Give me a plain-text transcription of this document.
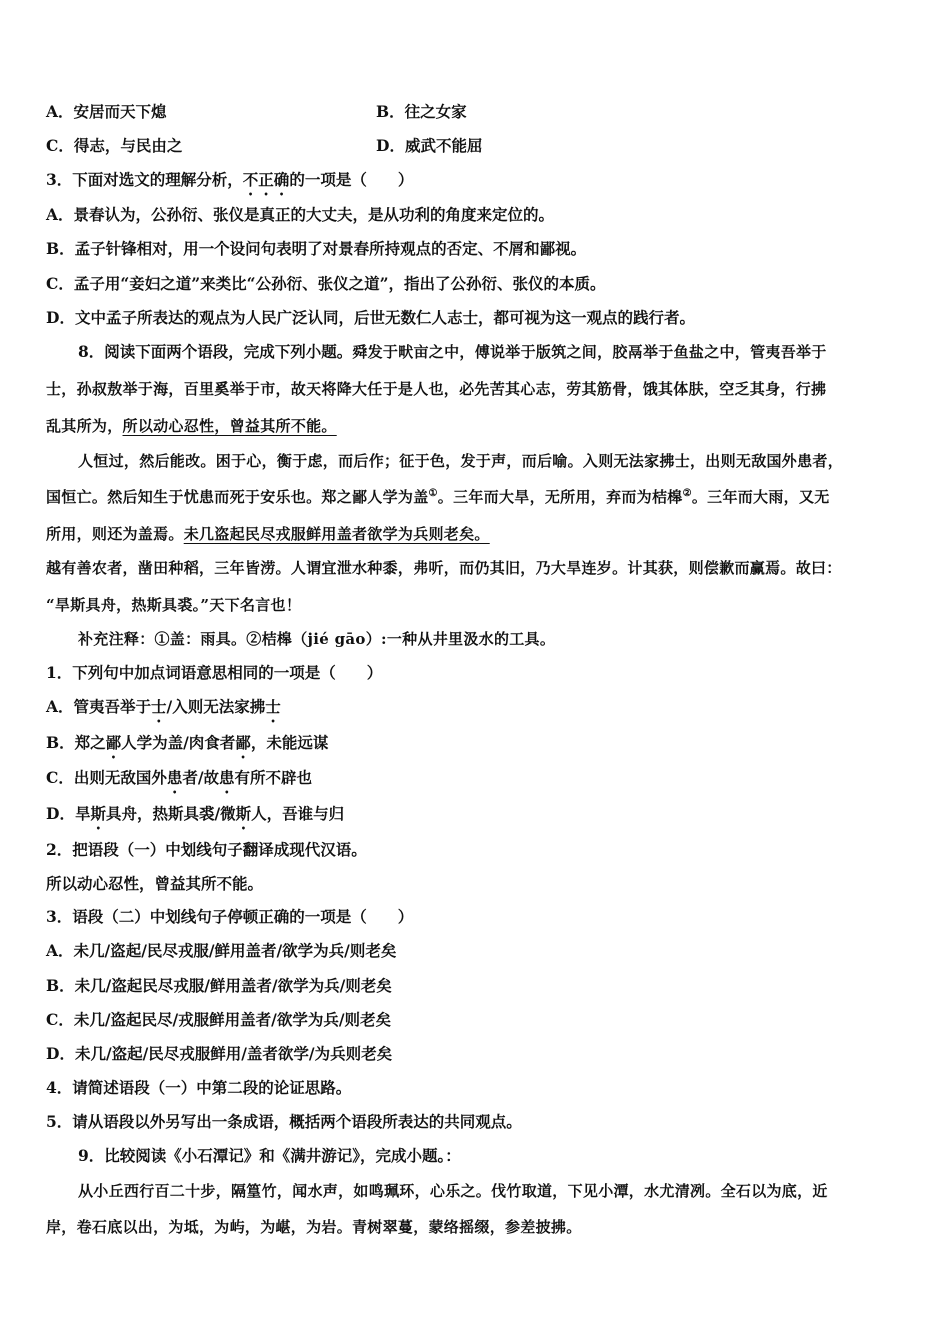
A．安居而天下熄	B．往之女家
C．得志，与民由之	D．威武不能屈
3．下面对选文的理解分析，不正确的一项是（　　）
A．景春认为，公孙衍、张仪是真正的大丈夫，是从功利的角度来定位的。
B．孟子针锋相对，用一个设问句表明了对景春所持观点的否定、不屑和鄙视。
C．孟子用“妾妇之道”来类比“公孙衍、张仪之道”，指出了公孙衍、张仪的本质。
D．文中孟子所表达的观点为人民广泛认同，后世无数仁人志士，都可视为这一观点的践行者。
8．阅读下面两个语段，完成下列小题。舜发于畎亩之中，傅说举于版筑之间，胶鬲举于鱼盐之中，管夷吾举于
士，孙叔敖举于海，百里奚举于市，故天将降大任于是人也，必先苦其心志，劳其筋骨，饿其体肤，空乏其身，行拂
乱其所为，所以动心忍性，曾益其所不能。
人恒过，然后能改。困于心，衡于虑，而后作；征于色，发于声，而后喻。入则无法家拂士，出则无敌国外患者，
国恒亡。然后知生于忧患而死于安乐也。郑之鄙人学为盖①。三年而大旱，无所用，弃而为桔槔②。三年而大雨，又无
所用，则还为盖焉。未几盗起民尽戎服鲜用盖者欲学为兵则老矣。
越有善农者，凿田种稻，三年皆涝。人谓宜泄水种黍，弗听，而仍其旧，乃大旱连岁。计其获，则偿歉而赢焉。故曰：
“旱斯具舟，热斯具裘。”天下名言也！
补充注释：①盖：雨具。②桔槔（jié gāo）:一种从井里汲水的工具。
1．下列句中加点词语意思相同的一项是（　　）
A．管夷吾举于士/入则无法家拂士
B．郑之鄙人学为盖/肉食者鄙，未能远谋
C．出则无敌国外患者/故患有所不辟也
D．旱斯具舟，热斯具裘/微斯人，吾谁与归
2．把语段（一）中划线句子翻译成现代汉语。
所以动心忍性，曾益其所不能。
3．语段（二）中划线句子停顿正确的一项是（　　）
A．未几/盗起/民尽戎服/鲜用盖者/欲学为兵/则老矣
B．未几/盗起民尽戎服/鲜用盖者/欲学为兵/则老矣
C．未几/盗起民尽/戎服鲜用盖者/欲学为兵/则老矣
D．未几/盗起/民尽戎服鲜用/盖者欲学/为兵则老矣
4．请简述语段（一）中第二段的论证思路。
5．请从语段以外另写出一条成语，概括两个语段所表达的共同观点。
9．比较阅读《小石潭记》和《满井游记》，完成小题。：
从小丘西行百二十步，隔篁竹，闻水声，如鸣珮环，心乐之。伐竹取道，下见小潭，水尤清冽。全石以为底，近
岸，卷石底以出，为坻，为屿，为嵁，为岩。青树翠蔓，蒙络摇缀，参差披拂。
